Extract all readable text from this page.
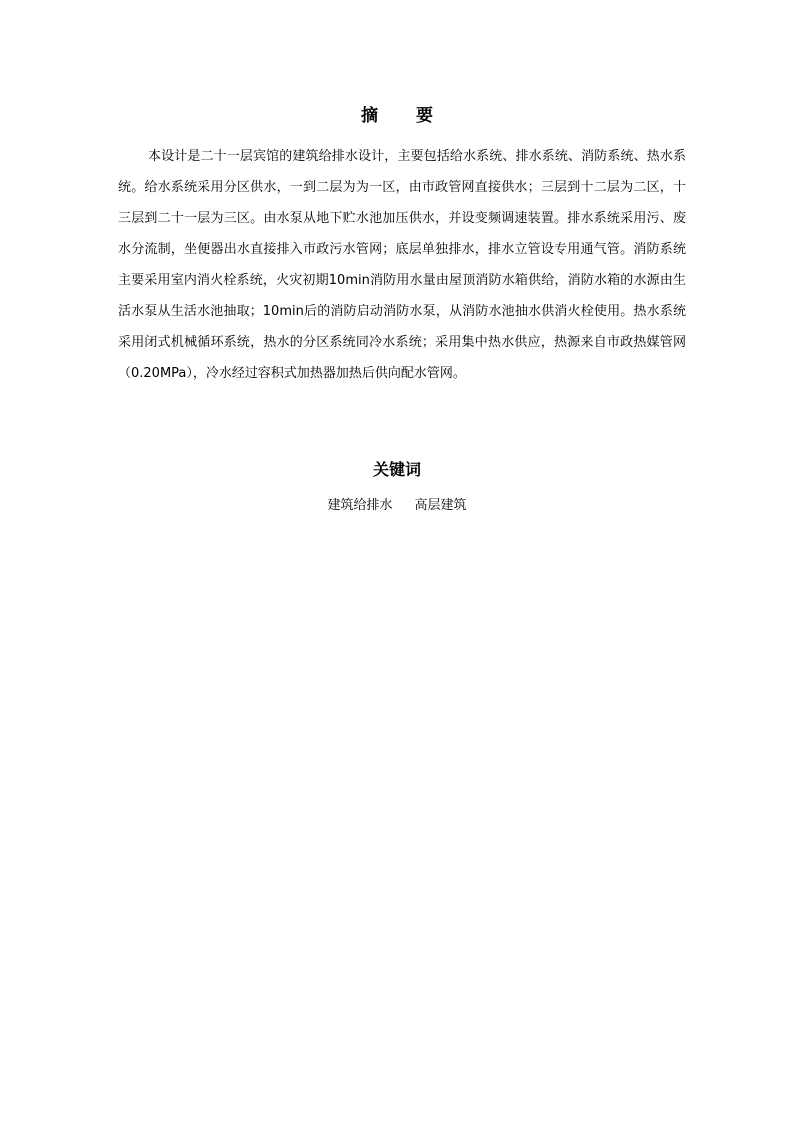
摘 要

本设计是二十一层宾馆的建筑给排水设计，主要包括给水系统、排水系统、消防系统、热水系统。给水系统采用分区供水，一到二层为为一区，由市政管网直接供水；三层到十二层为二区，十三层到二十一层为三区。由水泵从地下贮水池加压供水，并设变频调速装置。排水系统采用污、废水分流制，坐便器出水直接排入市政污水管网；底层单独排水，排水立管设专用通气管。消防系统主要采用室内消火栓系统，火灾初期10min消防用水量由屋顶消防水箱供给，消防水箱的水源由生活水泵从生活水池抽取；10min后的消防启动消防水泵，从消防水池抽水供消火栓使用。热水系统采用闭式机械循环系统，热水的分区系统同冷水系统；采用集中热水供应，热源来自市政热媒管网（0.20MPa），冷水经过容积式加热器加热后供向配水管网。

关键词
建筑给排水 高层建筑
